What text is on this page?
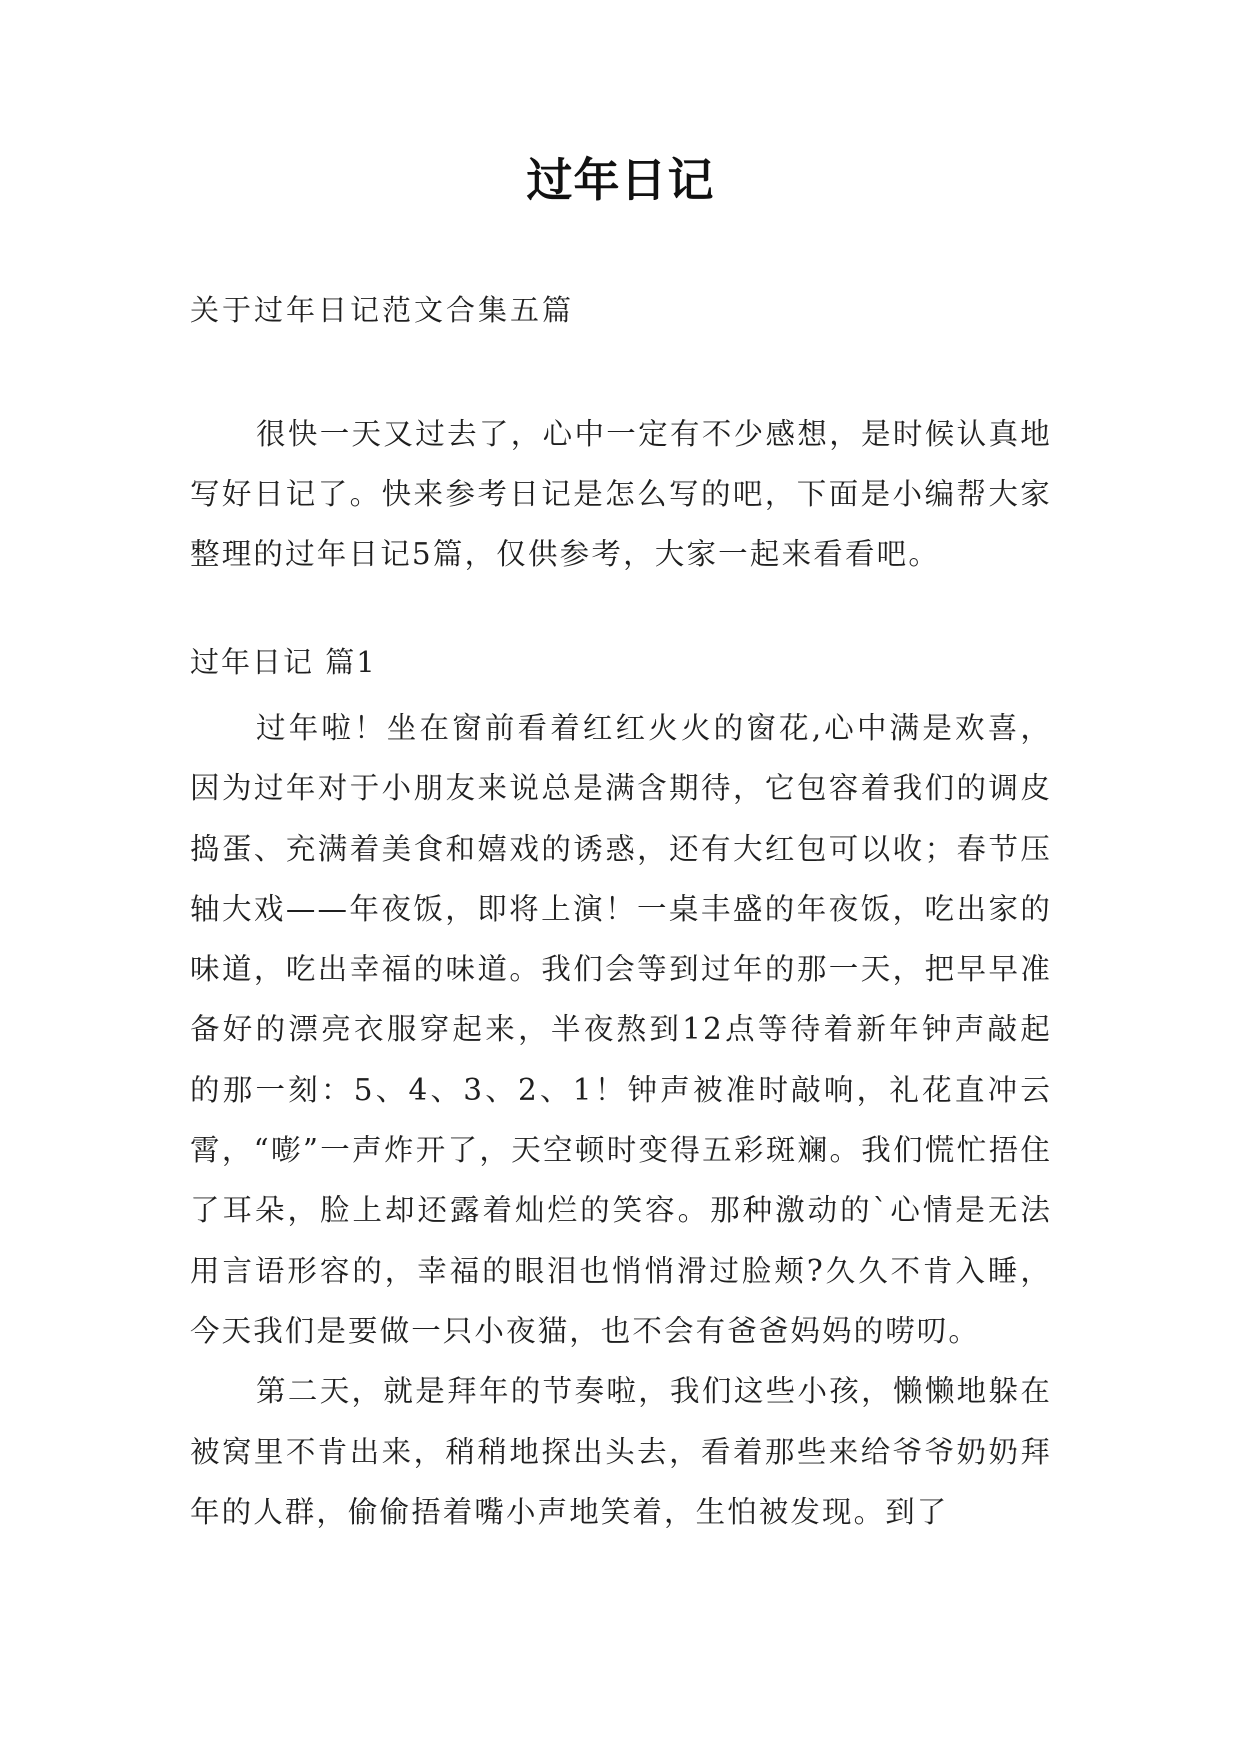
过年日记
关于过年日记范文合集五篇

很快一天又过去了，心中一定有不少感想，是时候认真地写好日记了。快来参考日记是怎么写的吧，下面是小编帮大家整理的过年日记5篇，仅供参考，大家一起来看看吧。

过年日记 篇1

过年啦！坐在窗前看着红红火火的窗花,心中满是欢喜，因为过年对于小朋友来说总是满含期待，它包容着我们的调皮捣蛋、充满着美食和嬉戏的诱惑，还有大红包可以收；春节压轴大戏——年夜饭，即将上演！一桌丰盛的年夜饭，吃出家的味道，吃出幸福的味道。我们会等到过年的那一天，把早早准备好的漂亮衣服穿起来，半夜熬到12点等待着新年钟声敲起的那一刻：5、4、3、2、1！钟声被准时敲响，礼花直冲云霄，“嘭”一声炸开了，天空顿时变得五彩斑斓。我们慌忙捂住了耳朵，脸上却还露着灿烂的笑容。那种激动的`心情是无法用言语形容的，幸福的眼泪也悄悄滑过脸颊?久久不肯入睡，今天我们是要做一只小夜猫，也不会有爸爸妈妈的唠叨。

第二天，就是拜年的节奏啦，我们这些小孩，懒懒地躲在被窝里不肯出来，稍稍地探出头去，看着那些来给爷爷奶奶拜年的人群，偷偷捂着嘴小声地笑着，生怕被发现。到了
